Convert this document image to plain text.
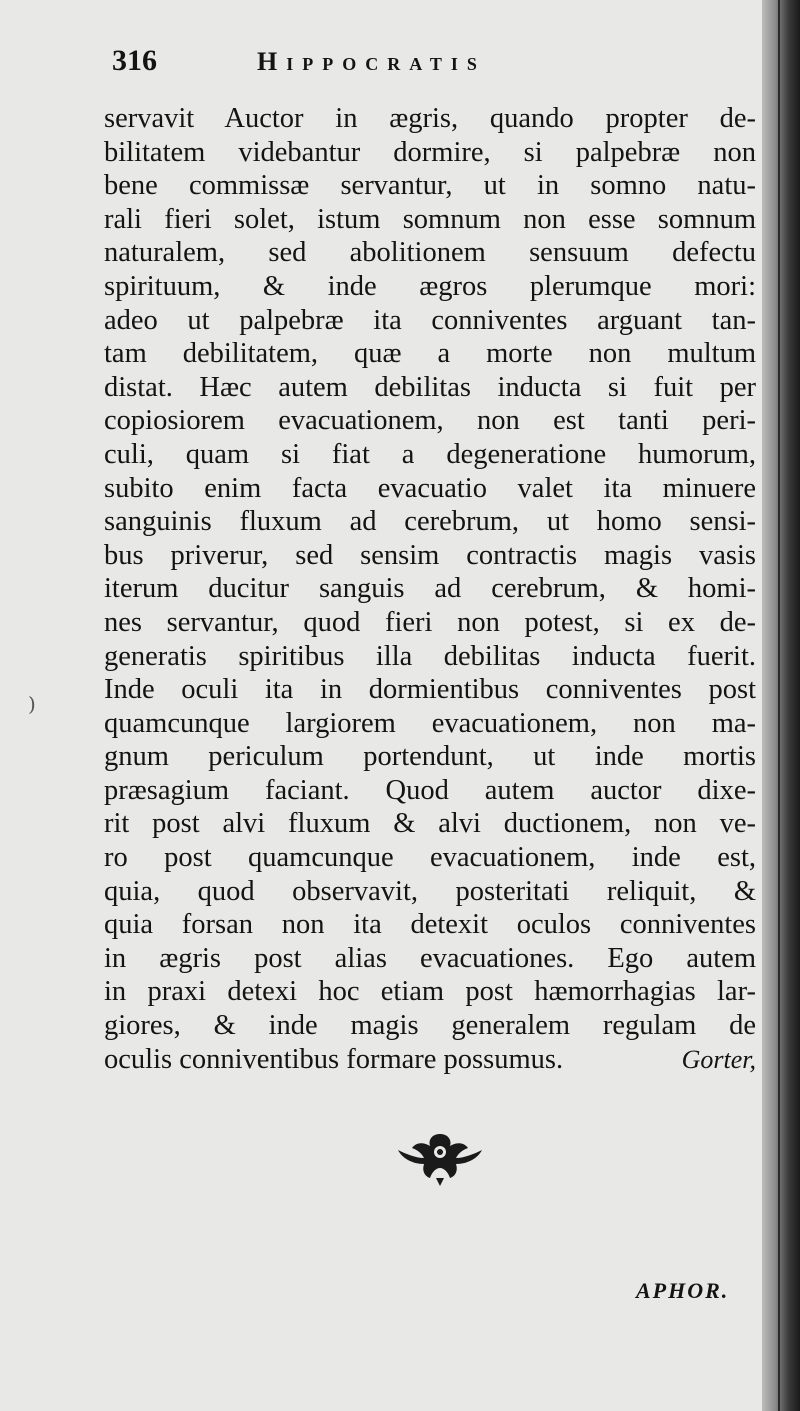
316	Hippocratis
servavit Auctor in ægris, quando propter de-
bilitatem videbantur dormire, si palpebræ non
bene commissæ servantur, ut in somno natu-
rali fieri solet, istum somnum non esse somnum
naturalem, sed abolitionem sensuum defectu
spirituum, & inde ægros plerumque mori:
adeo ut palpebræ ita conniventes arguant tan-
tam debilitatem, quæ a morte non multum
distat. Hæc autem debilitas inducta si fuit per
copiosiorem evacuationem, non est tanti peri-
culi, quam si fiat a degeneratione humorum,
subito enim facta evacuatio valet ita minuere
sanguinis fluxum ad cerebrum, ut homo sensi-
bus priverur, sed sensim contractis magis vasis
iterum ducitur sanguis ad cerebrum, & homi-
nes servantur, quod fieri non potest, si ex de-
generatis spiritibus illa debilitas inducta fuerit.
Inde oculi ita in dormientibus conniventes post
quamcunque largiorem evacuationem, non ma-
gnum periculum portendunt, ut inde mortis
præsagium faciant. Quod autem auctor dixe-
rit post alvi fluxum & alvi ductionem, non ve-
ro post quamcunque evacuationem, inde est,
quia, quod observavit, posteritati reliquit, &
quia forsan non ita detexit oculos conniventes
in ægris post alias evacuationes. Ego autem
in praxi detexi hoc etiam post hæmorrhagias lar-
giores, & inde magis generalem regulam de
oculis conniventibus formare possumus.	Gorter,
)
APHOR.
